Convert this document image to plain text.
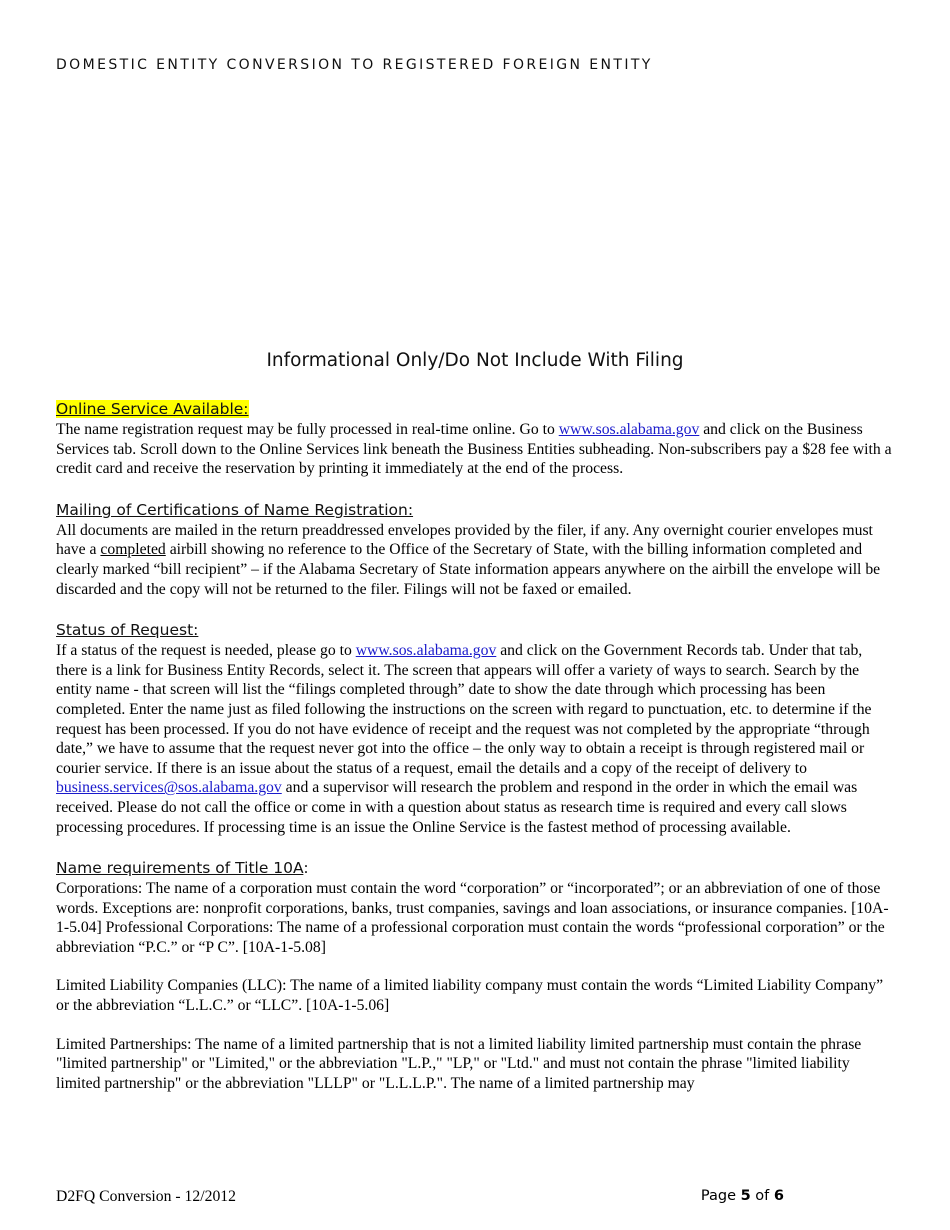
DOMESTIC ENTITY CONVERSION TO REGISTERED FOREIGN ENTITY
Informational Only/Do Not Include With Filing
Online Service Available:

The name registration request may be fully processed in real-time online. Go to www.sos.alabama.gov and click on the Business Services tab. Scroll down to the Online Services link beneath the Business Entities subheading. Non-subscribers pay a $28 fee with a credit card and receive the reservation by printing it immediately at the end of the process.

Mailing of Certifications of Name Registration:

All documents are mailed in the return preaddressed envelopes provided by the filer, if any. Any overnight courier envelopes must have a completed airbill showing no reference to the Office of the Secretary of State, with the billing information completed and clearly marked “bill recipient” – if the Alabama Secretary of State information appears anywhere on the airbill the envelope will be discarded and the copy will not be returned to the filer. Filings will not be faxed or emailed.

Status of Request:

If a status of the request is needed, please go to www.sos.alabama.gov and click on the Government Records tab. Under that tab, there is a link for Business Entity Records, select it. The screen that appears will offer a variety of ways to search. Search by the entity name - that screen will list the “filings completed through” date to show the date through which processing has been completed. Enter the name just as filed following the instructions on the screen with regard to punctuation, etc. to determine if the request has been processed. If you do not have evidence of receipt and the request was not completed by the appropriate “through date,” we have to assume that the request never got into the office – the only way to obtain a receipt is through registered mail or courier service. If there is an issue about the status of a request, email the details and a copy of the receipt of delivery to business.services@sos.alabama.gov and a supervisor will research the problem and respond in the order in which the email was received. Please do not call the office or come in with a question about status as research time is required and every call slows processing procedures. If processing time is an issue the Online Service is the fastest method of processing available.

Name requirements of Title 10A:

Corporations: The name of a corporation must contain the word “corporation” or “incorporated”; or an abbreviation of one of those words. Exceptions are: nonprofit corporations, banks, trust companies, savings and loan associations, or insurance companies. [10A-1-5.04] Professional Corporations: The name of a professional corporation must contain the words “professional corporation” or the abbreviation “P.C.” or “P C”. [10A-1-5.08]

Limited Liability Companies (LLC): The name of a limited liability company must contain the words “Limited Liability Company” or the abbreviation “L.L.C.” or “LLC”. [10A-1-5.06]

Limited Partnerships: The name of a limited partnership that is not a limited liability limited partnership must contain the phrase "limited partnership" or "Limited," or the abbreviation "L.P.," "LP," or "Ltd." and must not contain the phrase "limited liability limited partnership" or the abbreviation "LLLP" or "L.L.L.P.". The name of a limited partnership may

D2FQ Conversion - 12/2012	Page 5 of 6
